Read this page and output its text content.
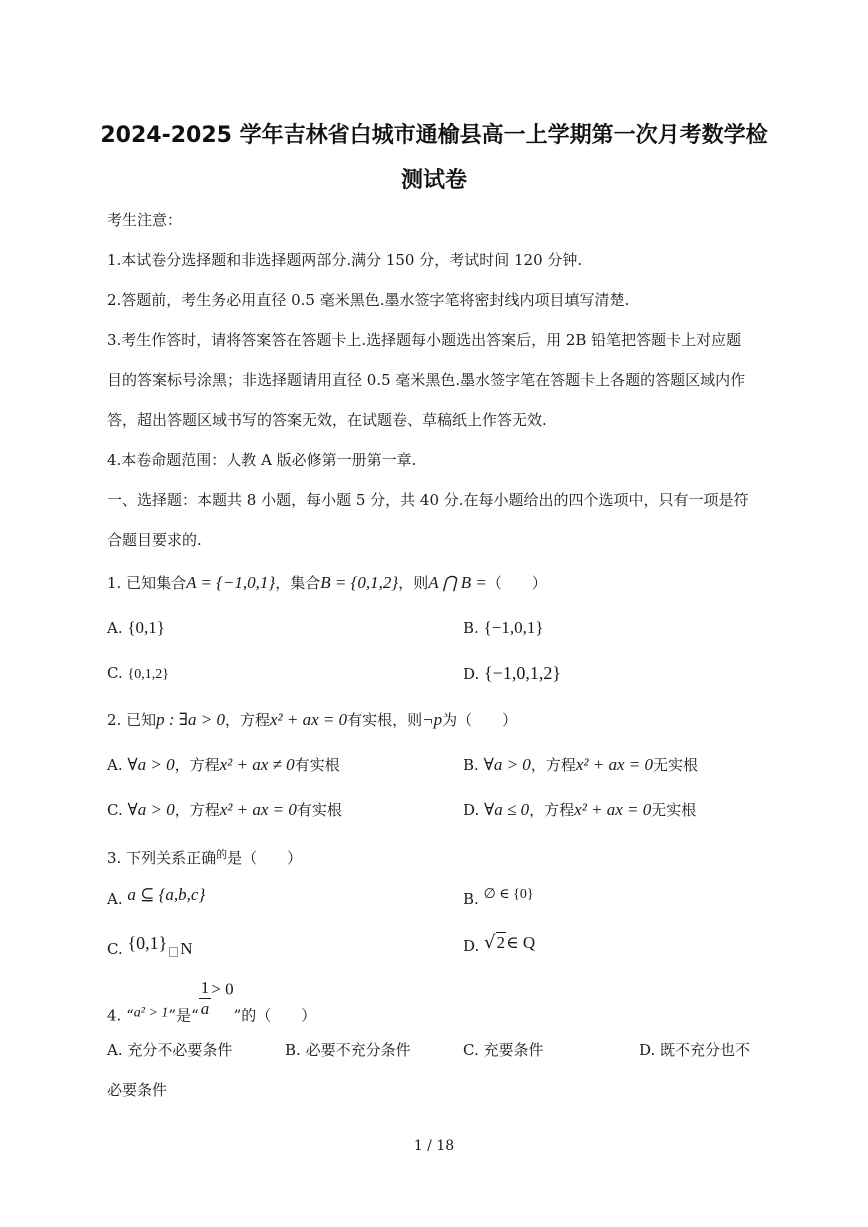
2024-2025 学年吉林省白城市通榆县高一上学期第一次月考数学检
测试卷
考生注意：
1.本试卷分选择题和非选择题两部分.满分 150 分，考试时间 120 分钟.
2.答题前，考生务必用直径 0.5 毫米黑色.墨水签字笔将密封线内项目填写清楚.
3.考生作答时，请将答案答在答题卡上.选择题每小题选出答案后，用 2B 铅笔把答题卡上对应题
目的答案标号涂黑；非选择题请用直径 0.5 毫米黑色.墨水签字笔在答题卡上各题的答题区域内作
答，超出答题区域书写的答案无效，在试题卷、草稿纸上作答无效.
4.本卷命题范围：人教 A 版必修第一册第一章.
一、选择题：本题共 8 小题，每小题 5 分，共 40 分.在每小题给出的四个选项中，只有一项是符
合题目要求的.
1. 已知集合A = {−1,0,1}，集合B = {0,1,2}，则A ⋂ B =（　　）
A. {0,1}	B. {−1,0,1}
C. {0,1,2}	D. {−1,0,1,2}
2. 已知p : ∃a > 0，方程x² + ax = 0有实根，则¬p为（　　）
A. ∀a > 0，方程x² + ax ≠ 0有实根	B. ∀a > 0，方程x² + ax = 0无实根
C. ∀a > 0，方程x² + ax = 0有实根	D. ∀a ≤ 0，方程x² + ax = 0无实根
3. 下列关系正确$^的$是（　　）
A. a ⊆ {a,b,c}	B. ∅ ∈ {0}
C. {0,1} N	D. √2∈ Q
4. “a² > 1”是“ $\frac{1}{a} > 0$”的（　　）
A. 充分不必要条件	B. 必要不充分条件	C. 充要条件	D. 既不充分也不
必要条件
1 / 18
